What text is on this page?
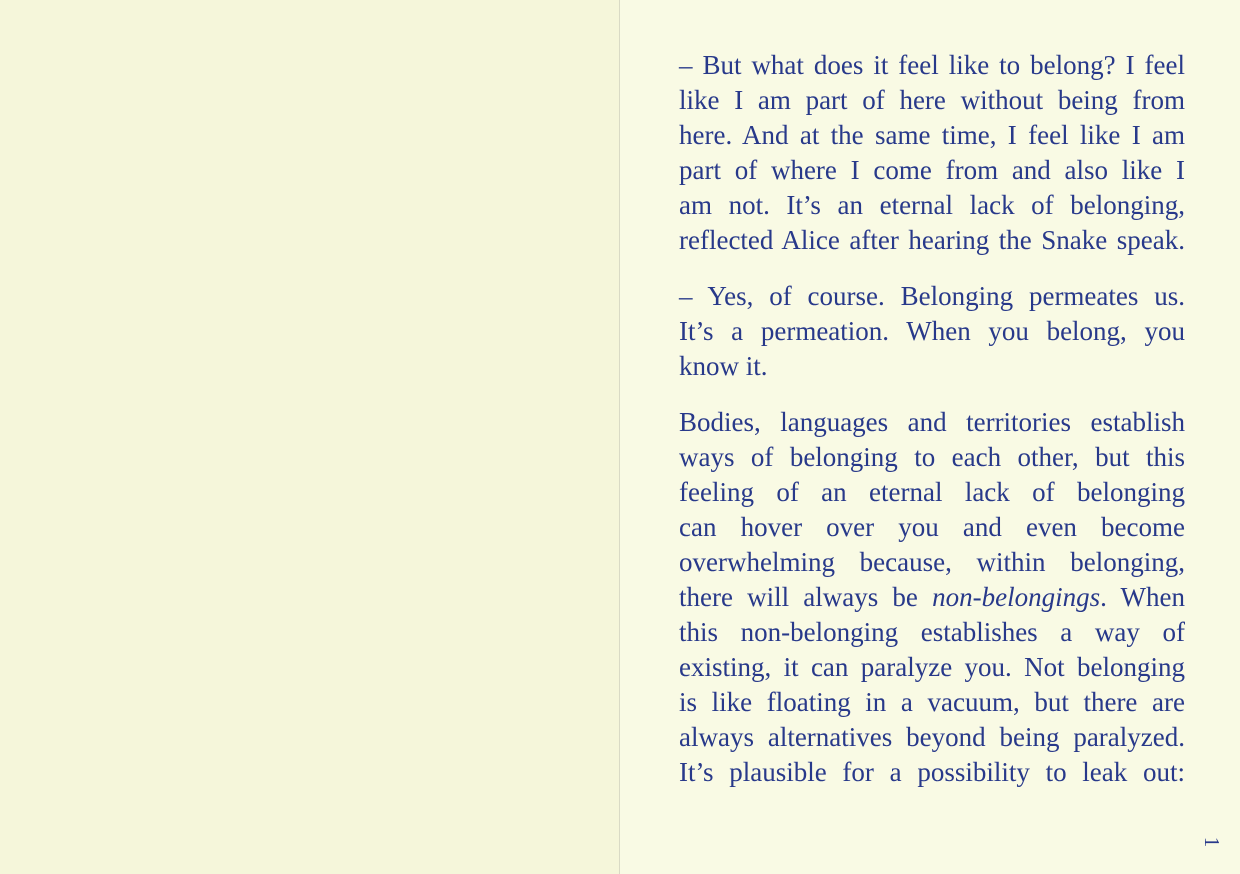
– But what does it feel like to belong? I feel
like I am part of here without being from
here. And at the same time, I feel like I am
part of where I come from and also like I
am not. It’s an eternal lack of belonging,
reflected Alice after hearing the Snake speak.
– Yes, of course. Belonging permeates us.
It’s a permeation. When you belong, you
know it.
Bodies, languages and territories establish
ways of belonging to each other, but this
feeling of an eternal lack of belonging
can hover over you and even become
overwhelming because, within belonging,
there will always be non-belongings. When
this non-belonging establishes a way of
existing, it can paralyze you. Not belonging
is like floating in a vacuum, but there are
always alternatives beyond being paralyzed.
It’s plausible for a possibility to leak out:
1
